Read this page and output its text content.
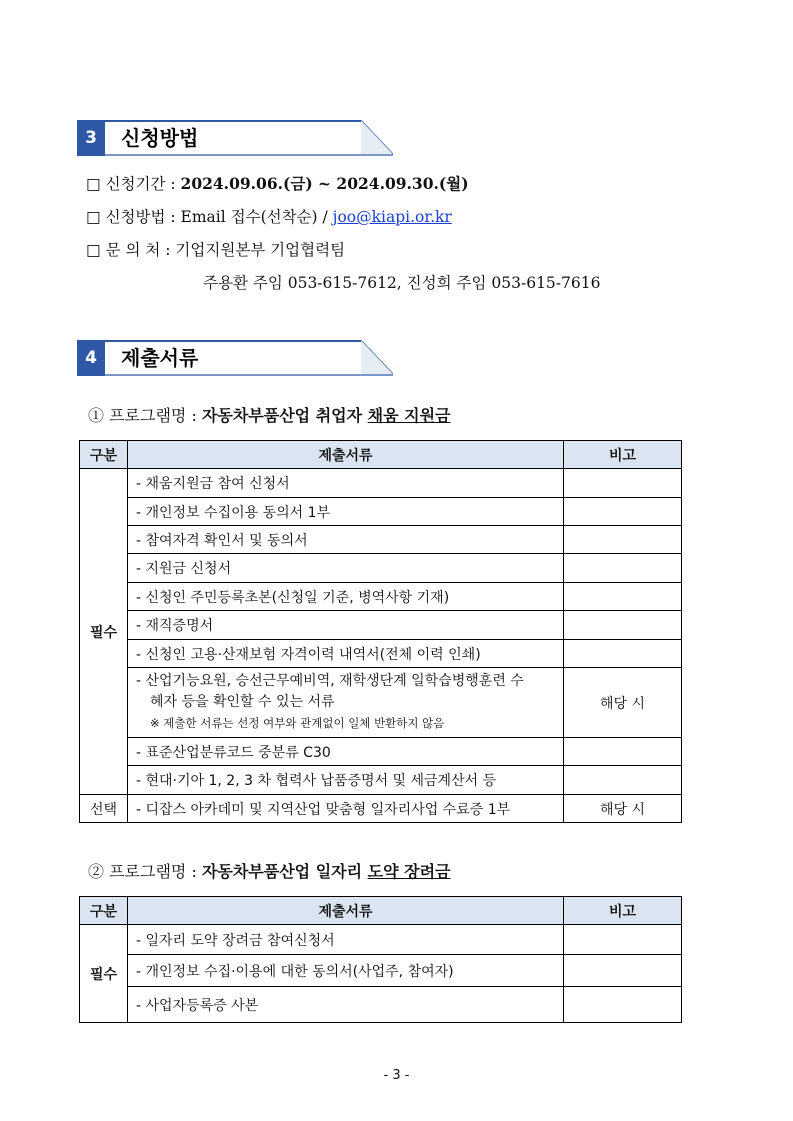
3	신청방법
□ 신청기간 : 2024.09.06.(금) ~ 2024.09.30.(월)
□ 신청방법 : Email 접수(선착순) / joo@kiapi.or.kr
□ 문 의 처 : 기업지원본부 기업협력팀
주용환 주임 053-615-7612, 진성희 주임 053-615-7616
4	제출서류
① 프로그램명 : 자동차부품산업 취업자 채움 지원금
구분	제출서류	비고
필수	- 채움지원금 참여 신청서	
	- 개인정보 수집이용 동의서 1부	
	- 참여자격 확인서 및 동의서	
	- 지원금 신청서	
	- 신청인 주민등록초본(신청일 기준, 병역사항 기재)	
	- 재직증명서	
	- 신청인 고용·산재보험 자격이력 내역서(전체 이력 인쇄)	

	- 산업기능요원, 승선근무예비역, 재학생단계 일학습병행훈련 수
혜자 등을 확인할 수 있는 서류
※ 제출한 서류는 선정 여부와 관계없이 일체 반환하지 않음	해당 시
	- 표준산업분류코드 중분류 C30	
	- 현대·기아 1, 2, 3 차 협력사 납품증명서 및 세금계산서 등	
선택	- 디잡스 아카데미 및 지역산업 맞춤형 일자리사업 수료증 1부	해당 시
② 프로그램명 : 자동차부품산업 일자리 도약 장려금
구분	제출서류	비고
필수	- 일자리 도약 장려금 참여신청서	
	- 개인정보 수집·이용에 대한 동의서(사업주, 참여자)	
	- 사업자등록증 사본	
- 3 -
